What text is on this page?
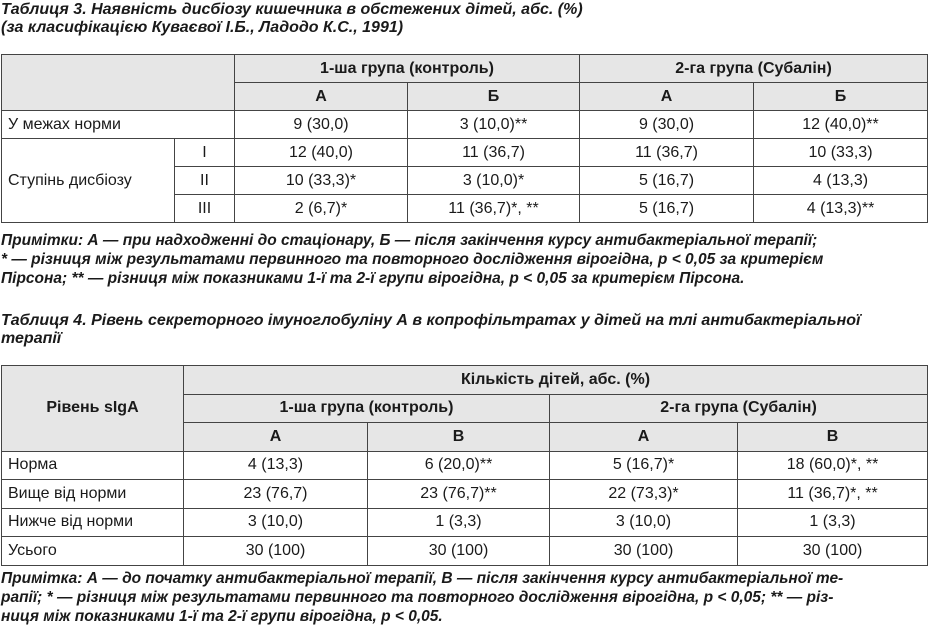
Таблиця 3. Наявність дисбіозу кишечника в обстежених дітей, абс. (%)
(за класифікацією Куваєвої І.Б., Ладодо К.С., 1991)
		1-ша група (контроль)		2-га група (Субалін)	
		А	Б	А	Б
У межах норми		9 (30,0)	3 (10,0)**	9 (30,0)	12 (40,0)**
Ступінь дисбіозу	I	12 (40,0)	11 (36,7)	11 (36,7)	10 (33,3)
	II	10 (33,3)*	3 (10,0)*	5 (16,7)	4 (13,3)
	III	2 (6,7)*	11 (36,7)*, **	5 (16,7)	4 (13,3)**
Примітки: А — при надходженні до стаціонару, Б — після закінчення курсу антибактеріальної терапії;
* — різниця між результатами первинного та повторного дослідження вірогідна, р < 0,05 за критерієм
Пірсона; ** — різниця між показниками 1-ї та 2-ї групи вірогідна, р < 0,05 за критерієм Пірсона.
Таблиця 4. Рівень секреторного імуноглобуліну А в копрофільтратах у дітей на тлі антибактеріальної
терапії
Рівень sIgA	Кількість дітей, абс. (%)			
	1-ша група (контроль)		2-га група (Субалін)	
	А	В	А	В
Норма	4 (13,3)	6 (20,0)**	5 (16,7)*	18 (60,0)*, **
Вище від норми	23 (76,7)	23 (76,7)**	22 (73,3)*	11 (36,7)*, **
Нижче від норми	3 (10,0)	1 (3,3)	3 (10,0)	1 (3,3)
Усього	30 (100)	30 (100)	30 (100)	30 (100)
Примітка: А — до початку антибактеріальної терапії, В — після закінчення курсу антибактеріальної те-
рапії; * — різниця між результатами первинного та повторного дослідження вірогідна, р < 0,05; ** — різ-
ниця між показниками 1-ї та 2-ї групи вірогідна, р < 0,05.
